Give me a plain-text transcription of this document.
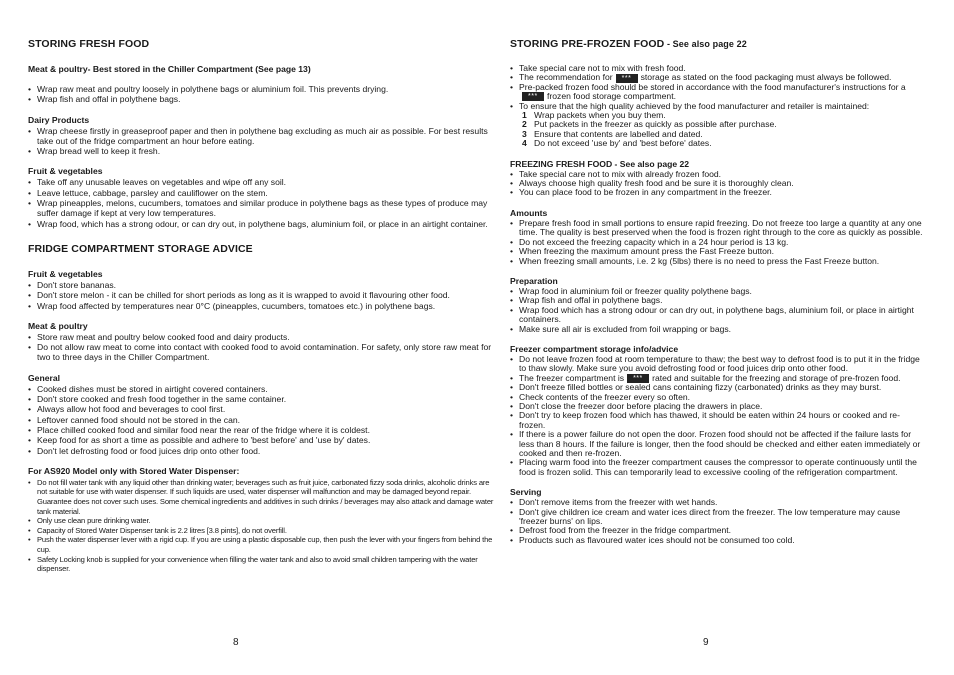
STORING FRESH FOOD
Meat & poultry- Best stored in the Chiller Compartment (See page 13)
• Wrap raw meat and poultry loosely in polythene bags or aluminium foil. This prevents drying.
• Wrap fish and offal in polythene bags.
Dairy Products
• Wrap cheese firstly in greaseproof paper and then in polythene bag excluding as much air as possible. For best results take out of the fridge compartment an hour before eating.
• Wrap bread well to keep it fresh.
Fruit & vegetables
• Take off any unusable leaves on vegetables and wipe off any soil.
• Leave lettuce, cabbage, parsley and cauliflower on the stem.
• Wrap pineapples, melons, cucumbers, tomatoes and similar produce in polythene bags as these types of produce may suffer damage if kept at very low temperatures.
• Wrap food, which has a strong odour, or can dry out, in polythene bags, aluminium foil, or place in an airtight container.
FRIDGE COMPARTMENT STORAGE ADVICE
Fruit & vegetables
• Don't store bananas.
• Don't store melon - it can be chilled for short periods as long as it is wrapped to avoid it flavouring other food.
• Wrap food affected by temperatures near 0°C (pineapples, cucumbers, tomatoes etc.) in polythene bags.
Meat & poultry
• Store raw meat and poultry below cooked food and dairy products.
• Do not allow raw meat to come into contact with cooked food to avoid contamination. For safety, only store raw meat for two to three days in the Chiller Compartment.
General
• Cooked dishes must be stored in airtight covered containers.
• Don't store cooked and fresh food together in the same container.
• Always allow hot food and beverages to cool first.
• Leftover canned food should not be stored in the can.
• Place chilled cooked food and similar food near the rear of the fridge where it is coldest.
• Keep food for as short a time as possible and adhere to 'best before' and 'use by' dates.
• Don't let defrosting food or food juices drip onto other food.
For AS920 Model only with Stored Water Dispenser:
• Do not fill water tank with any liquid other than drinking water; beverages such as fruit juice, carbonated fizzy soda drinks, alcoholic drinks are not suitable for use with water dispenser. If such liquids are used, water dispenser will malfunction and may be damaged beyond repair. Guarantee does not cover such uses. Some chemical ingredients and additives in such drinks / beverages may also attack and damage water tank material.
• Only use clean pure drinking water.
• Capacity of Stored Water Dispenser tank is 2.2 litres [3.8 pints], do not overfill.
• Push the water dispenser lever with a rigid cup. If you are using a plastic disposable cup, then push the lever with your fingers from behind the cup.
• Safety Locking knob is supplied for your convenience when filling the water tank and also to avoid small children tampering with the water dispenser.
8
STORING PRE-FROZEN FOOD - See also page 22
• Take special care not to mix with fresh food.
• The recommendation for ***	storage as stated on the food packaging must always be followed.
• Pre-packed frozen food should be stored in accordance with the food manufacturer's instructions for a***frozen food storage compartment.
• To ensure that the high quality achieved by the food manufacturer and retailer is maintained:
1 Wrap packets when you buy them.
2 Put packets in the freezer as quickly as possible after purchase.
3 Ensure that contents are labelled and dated.
4 Do not exceed 'use by' and 'best before' dates.
FREEZING FRESH FOOD - See also page 22
• Take special care not to mix with already frozen food.
• Always choose high quality fresh food and be sure it is thoroughly clean.
• You can place food to be frozen in any compartment in the freezer.
Amounts
• Prepare fresh food in small portions to ensure rapid freezing. Do not freeze too large a quantity at any one time. The quality is best preserved when the food is frozen right through to the core as quickly as possible.
• Do not exceed the freezing capacity which in a 24 hour period is 13 kg.
• When freezing the maximum amount press the Fast Freeze button.
• When freezing small amounts, i.e. 2 kg (5lbs) there is no need to press the Fast Freeze button.
Preparation
• Wrap food in aluminium foil or freezer quality polythene bags.
• Wrap fish and offal in polythene bags.
• Wrap food which has a strong odour or can dry out, in polythene bags, aluminium foil, or place in airtight containers.
• Make sure all air is excluded from foil wrapping or bags.
Freezer compartment storage info/advice
• Do not leave frozen food at room temperature to thaw; the best way to defrost food is to put it in the fridge to thaw slowly. Make sure you avoid defrosting food or food juices drip onto other food.
• The freezer compartment is ***	rated and suitable for the freezing and storage of pre-frozen food.
• Don't freeze filled bottles or sealed cans containing fizzy (carbonated) drinks as they may burst.
• Check contents of the freezer every so often.
• Don't close the freezer door before placing the drawers in place.
• Don't try to keep frozen food which has thawed, it should be eaten within 24 hours or cooked and re-frozen.
• If there is a power failure do not open the door. Frozen food should not be affected if the failure lasts for less than 8 hours. If the failure is longer, then the food should be checked and either eaten immediately or cooked and then re-frozen.
• Placing warm food into the freezer compartment causes the compressor to operate continuously until the food is frozen solid. This can temporarily lead to excessive cooling of the refrigeration compartment.
Serving
• Don't remove items from the freezer with wet hands.
• Don't give children ice cream and water ices direct from the freezer. The low temperature may cause 'freezer burns' on lips.
• Defrost food from the freezer in the fridge compartment.
• Products such as flavoured water ices should not be consumed too cold.
9
